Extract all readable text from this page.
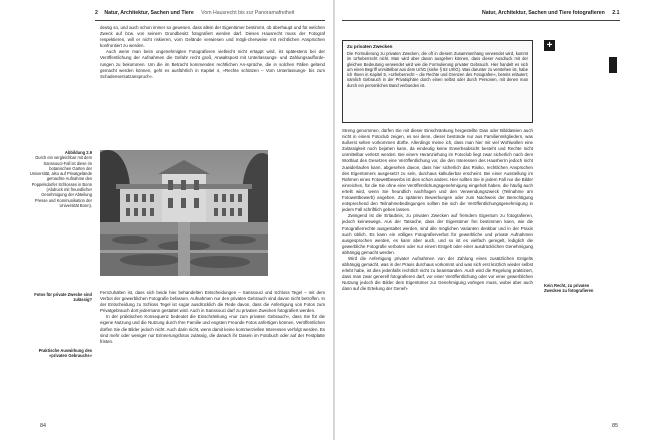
2 Natur, Architektur, Sachen und Tiere Vom Hausrecht bis zur Panoramafreiheit

deutig so, und auch schon immer so gewesen, dass allein der Eigentümer bestimmt, ob überhaupt und für welchen Zweck auf bzw. von seinem Grundbesitz fotografiert werden darf. Dieses Hausrecht muss der Fotograf respektieren, will er nicht riskieren, vom Gelände verwiesen und mögli-cherweise mit rechtlichen Ansprüchen konfrontiert zu werden.

Auch wenn man beim ungenehmigten Fotografieren vielleicht nicht ertappt wird, ist spätestens bei der Veröffentlichung der Aufnahmen die Gefahr recht groß, Anwaltspost mit Unterlassungs- und Zahlungsaufforde-rungen zu bekommen. Um die im Betracht kommenden rechtlichen An-sprüche, die in solchen Fällen geltend gemacht werden können, geht es ausführlich in Kapitel 4, »Rechte schützen – Vom Unterlassungs- bis zum Schadensersatzanspruch«.

Abbildung 2.9
Durch ein vergleichbar mit dem Sanssouci-Fall ist diese im botanischen Garten der Universität, also auf Privatgelände gemachte Aufnahme des Poppelsdorfer Schlosses in Bonn (Abdruck mit freundlicher Genehmigung der Abteilung Presse und Kommunikation der Universität Bonn).
Fotos für private Zwecke sind zulässig?
Praktische Auswirkung des »privaten Gebrauchs«

Fernzuhalten ist, dass sich beide hier behandelten Entscheidungen – Sanssouci und Schloss Tegel – mit dem Verbot der gewerblichen Fotografie befassen. Aufnahmen nur den privaten Gebrauch sind davon nicht betroffen. In der Entscheidung zu Schloss Tegel ist sogar ausdrücklich die Rede davon, dass die Anfertigung von Fotos zum Privatgebrauch dort jedermann gestattet wird. Auch in Sanssouci darf zu privaten Zwecken fotografiert werden.

In der praktischen Konsequenz bedeutet die Einschränkung »nur zum privaten Gebrauch«, dass Sie für die eigene Nutzung und die Nutzung durch Ihre Familie und engsten Freunde Fotos anfertigen können. Veröffentlichen dürfen Sie die Bilder jedoch nicht. Auch darin nicht, wenn damit keine kommerziellen Interessen verfolgt werden. Es sind mehr oder weniger nur Erinnerungsfotos zulässig, die danach ihr Dasein im Fotobuch oder auf der Festplatte fristen.

84
Natur, Architektur, Sachen und Tiere fotografieren 2.1
Zu privaten Zwecken
Die Formulierung zu privaten Zwecken, die oft in diesem Zusammenhang verwendet wird, kommt im Urheberrecht nicht. Man wird aber davon ausgehen können, dass dieser Ausdruck mit der gleichen Bedeutung verwendet wird wie die Formulierung privater Gebrauch. Hier handelt es sich um einen Begriff unmittelbar aus dem UrhG (siehe § 53 UrhG). Was darunter zu verstehen ist, habe ich Ihnen in Kapitel 5, »Urheberrecht – die Rechte und Grenzen des Fotografen«, bereits erläutert; nämlich Gebrauch in der Privatsphäre durch einen selbst oder durch Personen, mit denen man durch ein persönliches Band verbunden ist.
+

Streng genommen, dürfen Sie mit dieser Einschränkung hergestellte Dias oder Bilddateien auch nicht in einem Fotoclub zeigen, es sei denn, dieser bestünde nur aus Familienmitgliedern, was äußerst selten vorkommen dürfte. Allerdings meine ich, dass man hier mit viel Wohlwollen eine Zulässigkeit noch bejahen kann, da eindeutig keine Erwerbsabsicht besteht und Rechte nicht unmittelbar verletzt werden. Bei einem Heranziehung im Fotoclub liegt zwar sicherlich nach dem Wortlaut des Gesetzes eine Veröffentlichung vor, die den Interessen des Hausherrn jedoch nicht zuwiderlaufen kann, abgesehen davon, dass hier sicherlich das Risiko, rechtlichen Ansprüchen des Eigentümers ausgesetzt zu sein, durchaus kalkulierbar erscheint. Bei einer Ausstellung im Rahmen eines Fotowettbewerbs ist dies schon anders. Hier sollten Sie in jedem Fall nur die Bilder einreichen, für die Sie ohne eine Veröffentlichungsgenehmigung eingeholt haben, die häufig auch erteilt wird, wenn Sie freundlich nachfragen und den Verwendungszweck (Teilnahme am Fotowettbewerb) angeben. Zu späteren Bewerbungen oder zum Nachweis der Berechtigung entsprechend den Teilnahmebedingungen sollten Sie sich die Veröffentlichungsgenehmigung in jedem Fall schriftlich geben lassen.

Zwingend ist die Erlaubnis, zu privaten Zwecken auf fremdem Eigentum zu fotografieren, jedoch keineswegs. Aus der Tatsache, dass der Eigentümer frei bestimmen kann, wie die Fotografierrechte ausgestaltet werden, sind alle möglichen Varianten denkbar und in der Praxis auch üblich. Es kann ein völliges Fotografierverbot für gewerbliche und private Aufnahmen ausgesprochen werden, es kann aber auch, und so ist es vielfach geregelt, lediglich die gewerbliche Fotografie verboten oder nur einem Entgelt oder einer ausdrücklichen Genehmigung abhängig gemacht werden.

Wird die Anfertigung privater Aufnahmen von der Zahlung eines zusätzlichen Entgelts abhängig gemacht, was in der Praxis durchaus vorkommt und was sich erst kürzlich wieder selbst erlebt habe, ist dies jedenfalls rechtlich nicht zu beanstanden. Auch wird die Regelung praktiziert, dass man zwar generell fotografieren darf, vor einer Veröffentlichung oder vor einer gewerblichen Nutzung jedoch die Bilder dem Eigentümer zur Genehmigung vorlegen muss, wobei aber auch dann auf die Erteilung der Geneh-

Kein Recht, zu privaten Zwecken zu fotografieren
85
